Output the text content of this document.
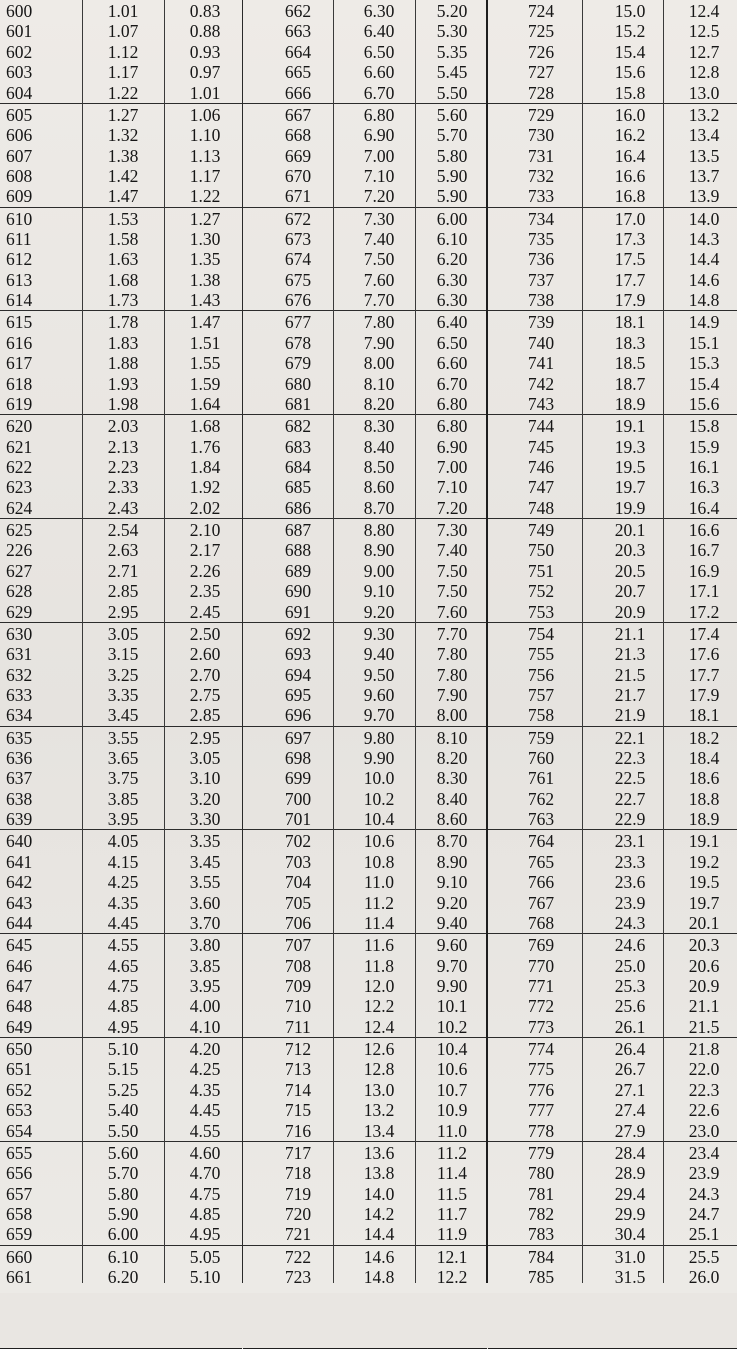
600	1.01	0.83
601	1.07	0.88
602	1.12	0.93
603	1.17	0.97
604	1.22	1.01
605	1.27	1.06
606	1.32	1.10
607	1.38	1.13
608	1.42	1.17
609	1.47	1.22
610	1.53	1.27
611	1.58	1.30
612	1.63	1.35
613	1.68	1.38
614	1.73	1.43
615	1.78	1.47
616	1.83	1.51
617	1.88	1.55
618	1.93	1.59
619	1.98	1.64
620	2.03	1.68
621	2.13	1.76
622	2.23	1.84
623	2.33	1.92
624	2.43	2.02
625	2.54	2.10
226	2.63	2.17
627	2.71	2.26
628	2.85	2.35
629	2.95	2.45
630	3.05	2.50
631	3.15	2.60
632	3.25	2.70
633	3.35	2.75
634	3.45	2.85
635	3.55	2.95
636	3.65	3.05
637	3.75	3.10
638	3.85	3.20
639	3.95	3.30
640	4.05	3.35
641	4.15	3.45
642	4.25	3.55
643	4.35	3.60
644	4.45	3.70
645	4.55	3.80
646	4.65	3.85
647	4.75	3.95
648	4.85	4.00
649	4.95	4.10
650	5.10	4.20
651	5.15	4.25
652	5.25	4.35
653	5.40	4.45
654	5.50	4.55
655	5.60	4.60
656	5.70	4.70
657	5.80	4.75
658	5.90	4.85
659	6.00	4.95
660	6.10	5.05
661	6.20	5.10
662	6.30	5.20
663	6.40	5.30
664	6.50	5.35
665	6.60	5.45
666	6.70	5.50
667	6.80	5.60
668	6.90	5.70
669	7.00	5.80
670	7.10	5.90
671	7.20	5.90
672	7.30	6.00
673	7.40	6.10
674	7.50	6.20
675	7.60	6.30
676	7.70	6.30
677	7.80	6.40
678	7.90	6.50
679	8.00	6.60
680	8.10	6.70
681	8.20	6.80
682	8.30	6.80
683	8.40	6.90
684	8.50	7.00
685	8.60	7.10
686	8.70	7.20
687	8.80	7.30
688	8.90	7.40
689	9.00	7.50
690	9.10	7.50
691	9.20	7.60
692	9.30	7.70
693	9.40	7.80
694	9.50	7.80
695	9.60	7.90
696	9.70	8.00
697	9.80	8.10
698	9.90	8.20
699	10.0	8.30
700	10.2	8.40
701	10.4	8.60
702	10.6	8.70
703	10.8	8.90
704	11.0	9.10
705	11.2	9.20
706	11.4	9.40
707	11.6	9.60
708	11.8	9.70
709	12.0	9.90
710	12.2	10.1
711	12.4	10.2
712	12.6	10.4
713	12.8	10.6
714	13.0	10.7
715	13.2	10.9
716	13.4	11.0
717	13.6	11.2
718	13.8	11.4
719	14.0	11.5
720	14.2	11.7
721	14.4	11.9
722	14.6	12.1
723	14.8	12.2
724	15.0	12.4
725	15.2	12.5
726	15.4	12.7
727	15.6	12.8
728	15.8	13.0
729	16.0	13.2
730	16.2	13.4
731	16.4	13.5
732	16.6	13.7
733	16.8	13.9
734	17.0	14.0
735	17.3	14.3
736	17.5	14.4
737	17.7	14.6
738	17.9	14.8
739	18.1	14.9
740	18.3	15.1
741	18.5	15.3
742	18.7	15.4
743	18.9	15.6
744	19.1	15.8
745	19.3	15.9
746	19.5	16.1
747	19.7	16.3
748	19.9	16.4
749	20.1	16.6
750	20.3	16.7
751	20.5	16.9
752	20.7	17.1
753	20.9	17.2
754	21.1	17.4
755	21.3	17.6
756	21.5	17.7
757	21.7	17.9
758	21.9	18.1
759	22.1	18.2
760	22.3	18.4
761	22.5	18.6
762	22.7	18.8
763	22.9	18.9
764	23.1	19.1
765	23.3	19.2
766	23.6	19.5
767	23.9	19.7
768	24.3	20.1
769	24.6	20.3
770	25.0	20.6
771	25.3	20.9
772	25.6	21.1
773	26.1	21.5
774	26.4	21.8
775	26.7	22.0
776	27.1	22.3
777	27.4	22.6
778	27.9	23.0
779	28.4	23.4
780	28.9	23.9
781	29.4	24.3
782	29.9	24.7
783	30.4	25.1
784	31.0	25.5
785	31.5	26.0
